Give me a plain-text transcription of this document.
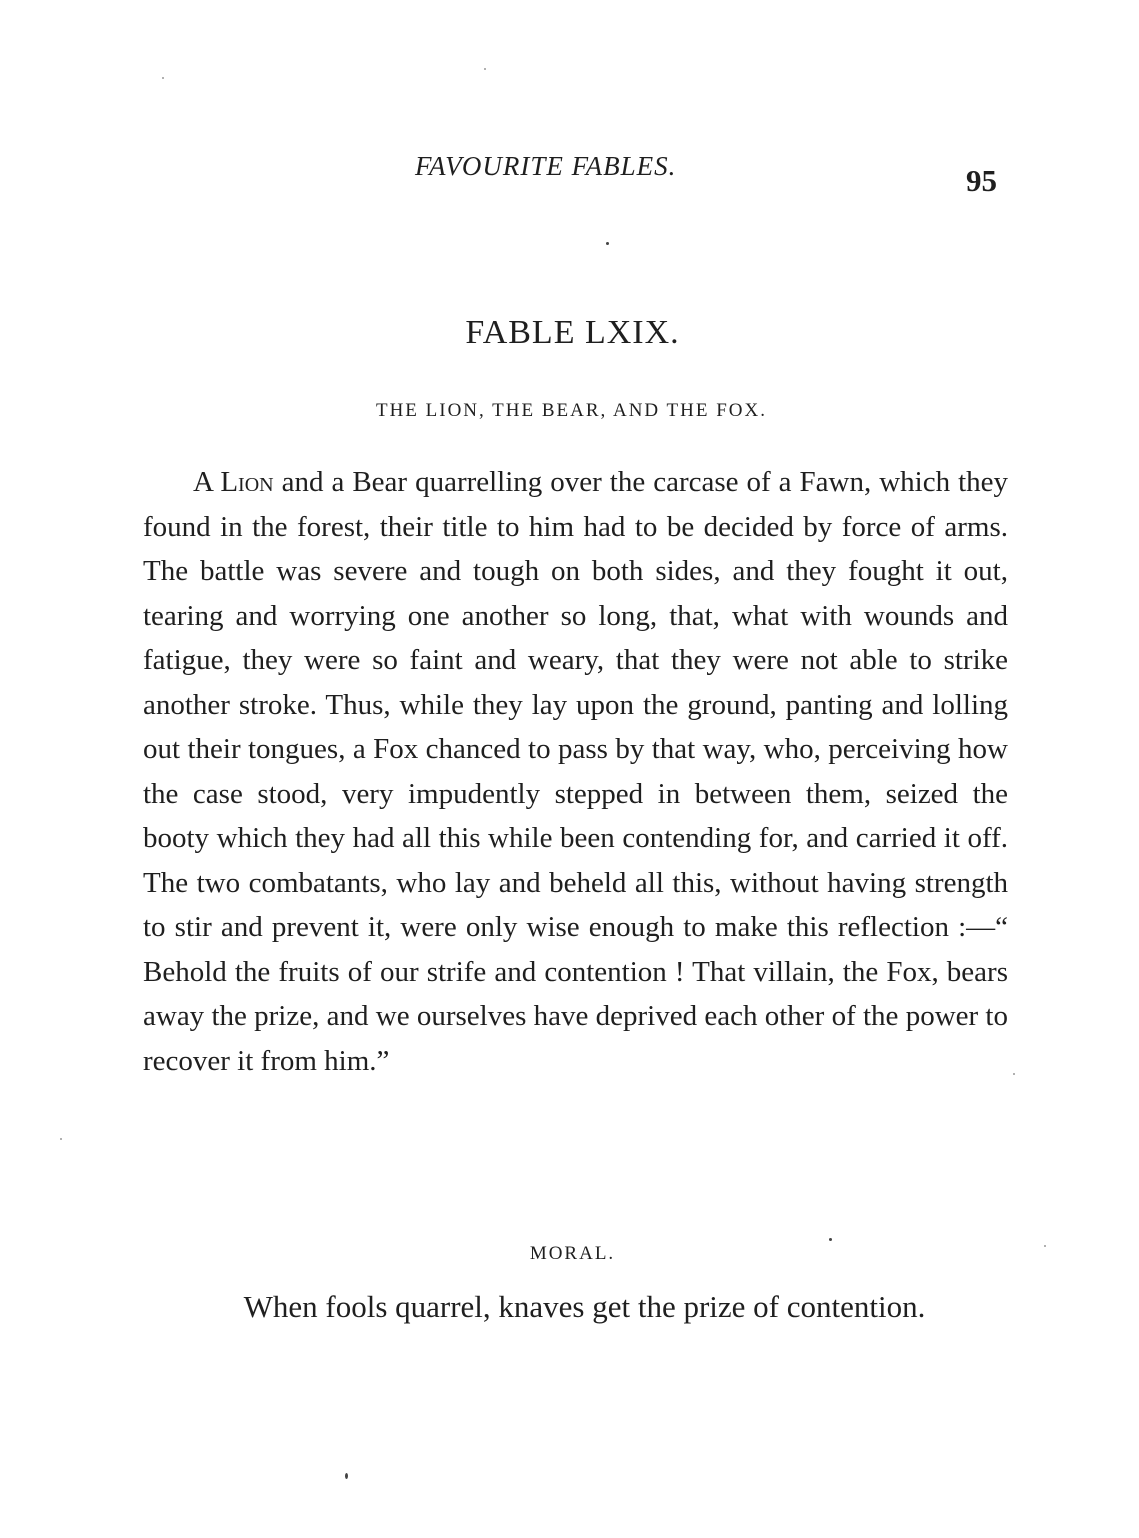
FAVOURITE FABLES.	95
FABLE LXIX.
THE LION, THE BEAR, AND THE FOX.

A Lion and a Bear quarrelling over the carcase of a Fawn, which they found in the forest, their title to him had to be decided by force of arms. The battle was severe and tough on both sides, and they fought it out, tearing and worrying one another so long, that, what with wounds and fatigue, they were so faint and weary, that they were not able to strike another stroke. Thus, while they lay upon the ground, panting and lolling out their tongues, a Fox chanced to pass by that way, who, perceiving how the case stood, very impudently stepped in between them, seized the booty which they had all this while been contending for, and carried it off. The two combatants, who lay and beheld all this, without having strength to stir and prevent it, were only wise enough to make this reflection :—“ Behold the fruits of our strife and contention ! That villain, the Fox, bears away the prize, and we ourselves have deprived each other of the power to recover it from him.”

MORAL.
When fools quarrel, knaves get the prize of contention.
